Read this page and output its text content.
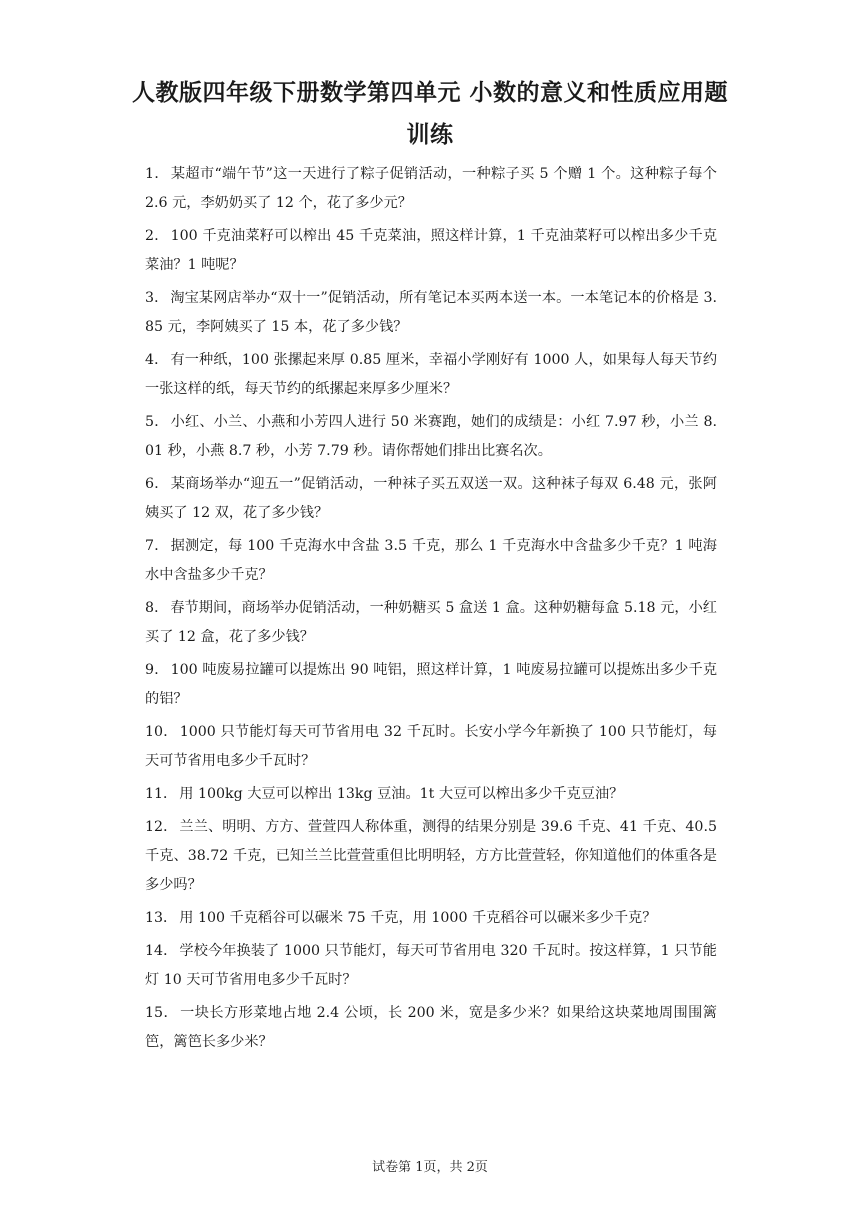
人教版四年级下册数学第四单元 小数的意义和性质应用题
训练
1． 某超市“端午节”这一天进行了粽子促销活动，一种粽子买 5 个赠 1 个。这种粽子每个 2.6 元，李奶奶买了 12 个，花了多少元？
2． 100 千克油菜籽可以榨出 45 千克菜油，照这样计算，1 千克油菜籽可以榨出多少千克菜油？1 吨呢？
3． 淘宝某网店举办“双十一”促销活动，所有笔记本买两本送一本。一本笔记本的价格是 3.85 元，李阿姨买了 15 本，花了多少钱？
4． 有一种纸，100 张摞起来厚 0.85 厘米，幸福小学刚好有 1000 人，如果每人每天节约一张这样的纸，每天节约的纸摞起来厚多少厘米？
5． 小红、小兰、小燕和小芳四人进行 50 米赛跑，她们的成绩是：小红 7.97 秒，小兰 8.01 秒，小燕 8.7 秒，小芳 7.79 秒。请你帮她们排出比赛名次。
6． 某商场举办“迎五一”促销活动，一种袜子买五双送一双。这种袜子每双 6.48 元，张阿姨买了 12 双，花了多少钱？
7． 据测定，每 100 千克海水中含盐 3.5 千克，那么 1 千克海水中含盐多少千克？1 吨海水中含盐多少千克？
8． 春节期间，商场举办促销活动，一种奶糖买 5 盒送 1 盒。这种奶糖每盒 5.18 元，小红买了 12 盒，花了多少钱？
9． 100 吨废易拉罐可以提炼出 90 吨铝，照这样计算，1 吨废易拉罐可以提炼出多少千克的铝？
10． 1000 只节能灯每天可节省用电 32 千瓦时。长安小学今年新换了 100 只节能灯，每天可节省用电多少千瓦时？
11． 用 100kg 大豆可以榨出 13kg 豆油。1t 大豆可以榨出多少千克豆油？
12． 兰兰、明明、方方、萱萱四人称体重，测得的结果分别是 39.6 千克、41 千克、40.5 千克、38.72 千克，已知兰兰比萱萱重但比明明轻，方方比萱萱轻，你知道他们的体重各是多少吗？
13． 用 100 千克稻谷可以碾米 75 千克，用 1000 千克稻谷可以碾米多少千克？
14． 学校今年换装了 1000 只节能灯，每天可节省用电 320 千瓦时。按这样算，1 只节能灯 10 天可节省用电多少千瓦时？
15． 一块长方形菜地占地 2.4 公顷，长 200 米，宽是多少米？如果给这块菜地周围围篱笆，篱笆长多少米？
试卷第 1页，共 2页
